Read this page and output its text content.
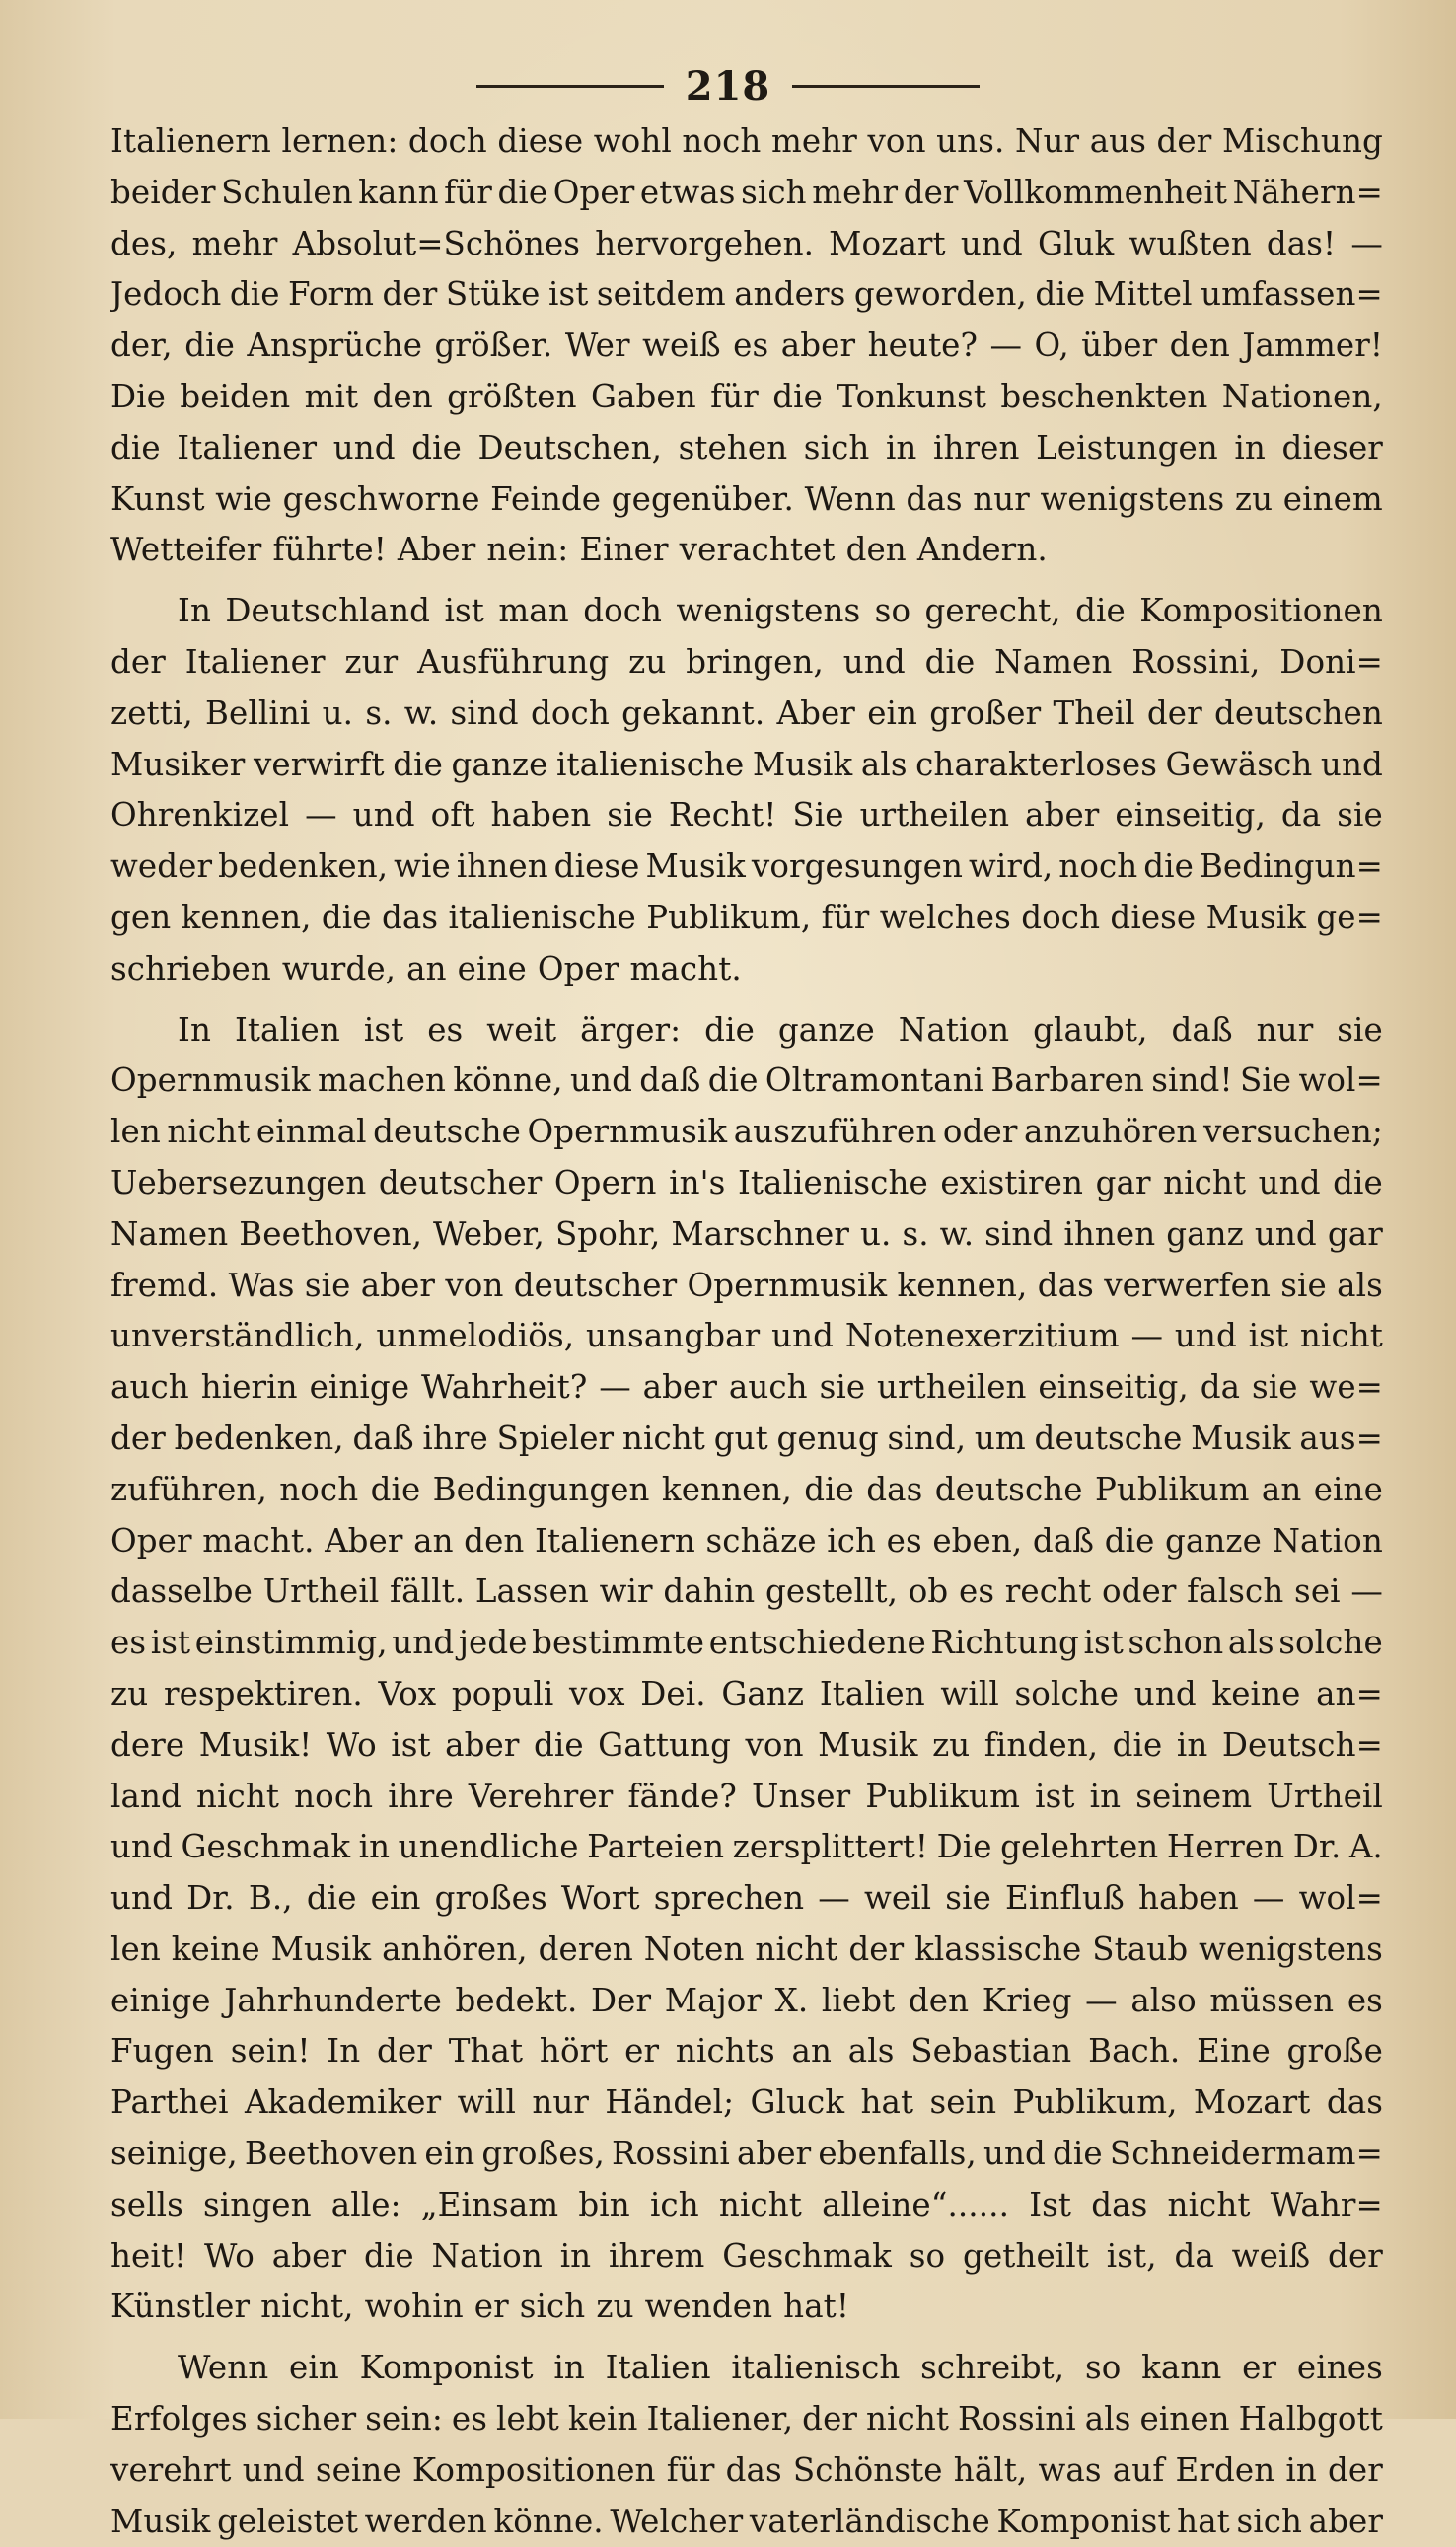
218
Italienern lernen: doch diese wohl noch mehr von uns. Nur aus der Mischung
beider Schulen kann für die Oper etwas sich mehr der Vollkommenheit Nähern=
des, mehr Absolut=Schönes hervorgehen. Mozart und Gluk wußten das! —
Jedoch die Form der Stüke ist seitdem anders geworden, die Mittel umfassen=
der, die Ansprüche größer. Wer weiß es aber heute? — O, über den Jammer!
Die beiden mit den größten Gaben für die Tonkunst beschenkten Nationen,
die Italiener und die Deutschen, stehen sich in ihren Leistungen in dieser
Kunst wie geschworne Feinde gegenüber. Wenn das nur wenigstens zu einem
Wetteifer führte! Aber nein: Einer verachtet den Andern.
In Deutschland ist man doch wenigstens so gerecht, die Kompositionen
der Italiener zur Ausführung zu bringen, und die Namen Rossini, Doni=
zetti, Bellini u. s. w. sind doch gekannt. Aber ein großer Theil der deutschen
Musiker verwirft die ganze italienische Musik als charakterloses Gewäsch und
Ohrenkizel — und oft haben sie Recht! Sie urtheilen aber einseitig, da sie
weder bedenken, wie ihnen diese Musik vorgesungen wird, noch die Bedingun=
gen kennen, die das italienische Publikum, für welches doch diese Musik ge=
schrieben wurde, an eine Oper macht.
In Italien ist es weit ärger: die ganze Nation glaubt, daß nur sie
Opernmusik machen könne, und daß die Oltramontani Barbaren sind! Sie wol=
len nicht einmal deutsche Opernmusik auszuführen oder anzuhören versuchen;
Uebersezungen deutscher Opern in's Italienische existiren gar nicht und die
Namen Beethoven, Weber, Spohr, Marschner u. s. w. sind ihnen ganz und gar
fremd. Was sie aber von deutscher Opernmusik kennen, das verwerfen sie als
unverständlich, unmelodiös, unsangbar und Notenexerzitium — und ist nicht
auch hierin einige Wahrheit? — aber auch sie urtheilen einseitig, da sie we=
der bedenken, daß ihre Spieler nicht gut genug sind, um deutsche Musik aus=
zuführen, noch die Bedingungen kennen, die das deutsche Publikum an eine
Oper macht. Aber an den Italienern schäze ich es eben, daß die ganze Nation
dasselbe Urtheil fällt. Lassen wir dahin gestellt, ob es recht oder falsch sei —
es ist einstimmig, und jede bestimmte entschiedene Richtung ist schon als solche
zu respektiren. Vox populi vox Dei. Ganz Italien will solche und keine an=
dere Musik! Wo ist aber die Gattung von Musik zu finden, die in Deutsch=
land nicht noch ihre Verehrer fände? Unser Publikum ist in seinem Urtheil
und Geschmak in unendliche Parteien zersplittert! Die gelehrten Herren Dr. A.
und Dr. B., die ein großes Wort sprechen — weil sie Einfluß haben — wol=
len keine Musik anhören, deren Noten nicht der klassische Staub wenigstens
einige Jahrhunderte bedekt. Der Major X. liebt den Krieg — also müssen es
Fugen sein! In der That hört er nichts an als Sebastian Bach. Eine große
Parthei Akademiker will nur Händel; Gluck hat sein Publikum, Mozart das
seinige, Beethoven ein großes, Rossini aber ebenfalls, und die Schneidermam=
sells singen alle: „Einsam bin ich nicht alleine“...... Ist das nicht Wahr=
heit! Wo aber die Nation in ihrem Geschmak so getheilt ist, da weiß der
Künstler nicht, wohin er sich zu wenden hat!
Wenn ein Komponist in Italien italienisch schreibt, so kann er eines
Erfolges sicher sein: es lebt kein Italiener, der nicht Rossini als einen Halbgott
verehrt und seine Kompositionen für das Schönste hält, was auf Erden in der
Musik geleistet werden könne. Welcher vaterländische Komponist hat sich aber
